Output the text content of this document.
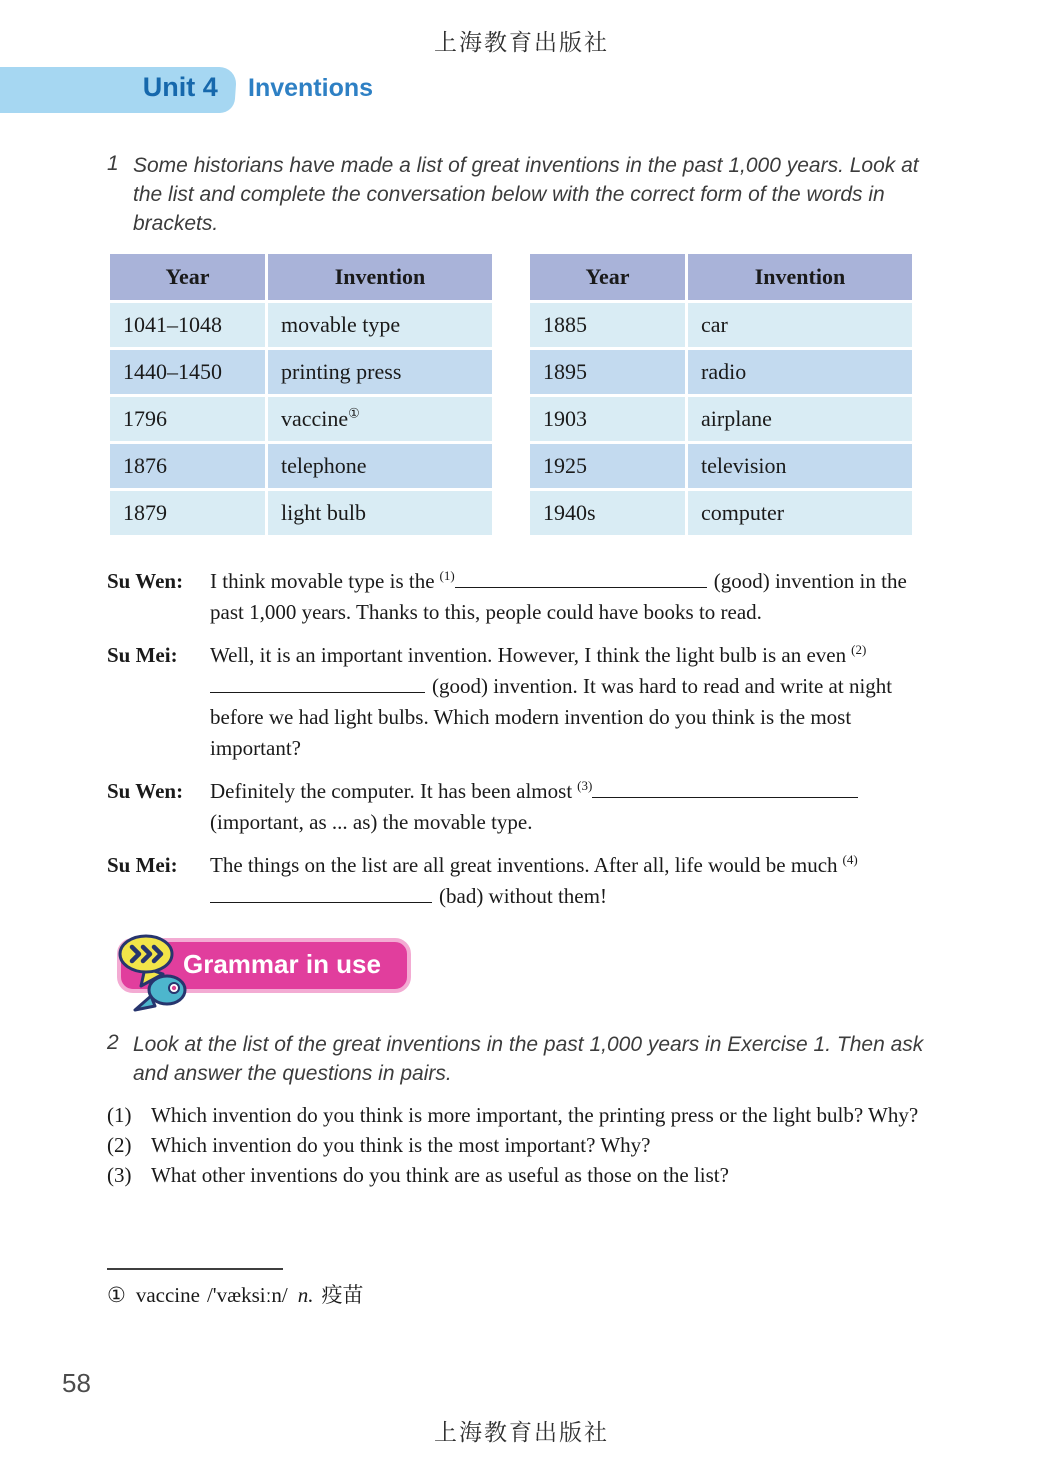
上海教育出版社
Unit 4 Inventions
1 Some historians have made a list of great inventions in the past 1,000 years. Look at the list and complete the conversation below with the correct form of the words in brackets.
Year	Invention
1041–1048	movable type
1440–1450	printing press
1796	vaccine①
1876	telephone
1879	light bulb
Year	Invention
1885	car
1895	radio
1903	airplane
1925	television
1940s	computer
Su Wen:	I think movable type is the $^{(1)}$	(good) invention in the past 1,000 years. Thanks to this, people could have books to read.
Su Mei:	Well, it is an important invention. However, I think the light bulb is an even $^{(2)}$(good) invention. It was hard to read and write at night before we had light bulbs. Which modern invention do you think is the most important?
Su Wen:	Definitely the computer. It has been almost $^{(3)}$(important, as ... as) the movable type.
Su Mei:	The things on the list are all great inventions. After all, life would be much $^{(4)}$(bad) without them!
Grammar in use
2 Look at the list of the great inventions in the past 1,000 years in Exercise 1. Then ask and answer the questions in pairs.
(1) Which invention do you think is more important, the printing press or the light bulb? Why?
(2) Which invention do you think is the most important? Why?
(3) What other inventions do you think are as useful as those on the list?
① vaccine /'væksiːn/ n. 疫苗
58
上海教育出版社
